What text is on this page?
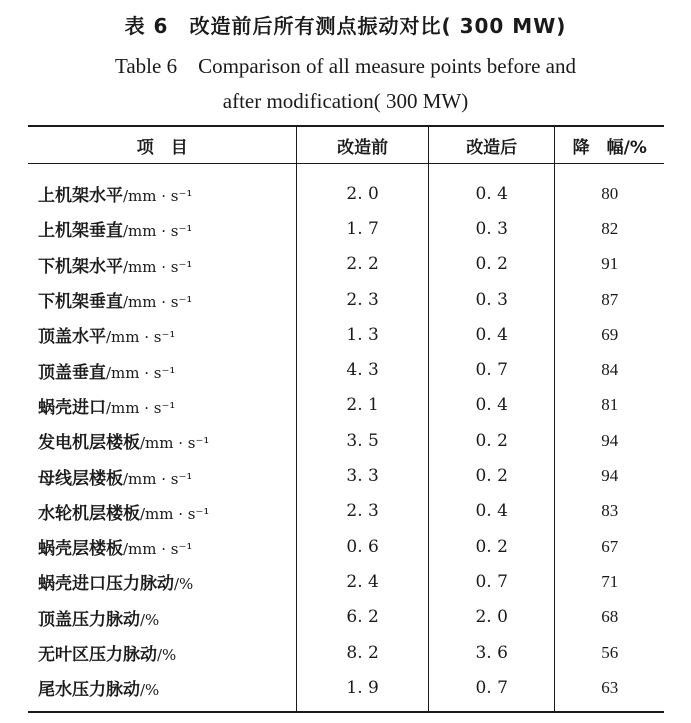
表 6　改造前后所有测点振动对比( 300 MW)
Table 6　Comparison of all measure points before and
after modification( 300 MW)
项　目	改造前	改造后	降　幅/%
上机架水平/mm · s⁻¹	2. 0	0. 4	80
上机架垂直/mm · s⁻¹	1. 7	0. 3	82
下机架水平/mm · s⁻¹	2. 2	0. 2	91
下机架垂直/mm · s⁻¹	2. 3	0. 3	87
顶盖水平/mm · s⁻¹	1. 3	0. 4	69
顶盖垂直/mm · s⁻¹	4. 3	0. 7	84
蜗壳进口/mm · s⁻¹	2. 1	0. 4	81
发电机层楼板/mm · s⁻¹	3. 5	0. 2	94
母线层楼板/mm · s⁻¹	3. 3	0. 2	94
水轮机层楼板/mm · s⁻¹	2. 3	0. 4	83
蜗壳层楼板/mm · s⁻¹	0. 6	0. 2	67
蜗壳进口压力脉动/%	2. 4	0. 7	71
顶盖压力脉动/%	6. 2	2. 0	68
无叶区压力脉动/%	8. 2	3. 6	56
尾水压力脉动/%	1. 9	0. 7	63
